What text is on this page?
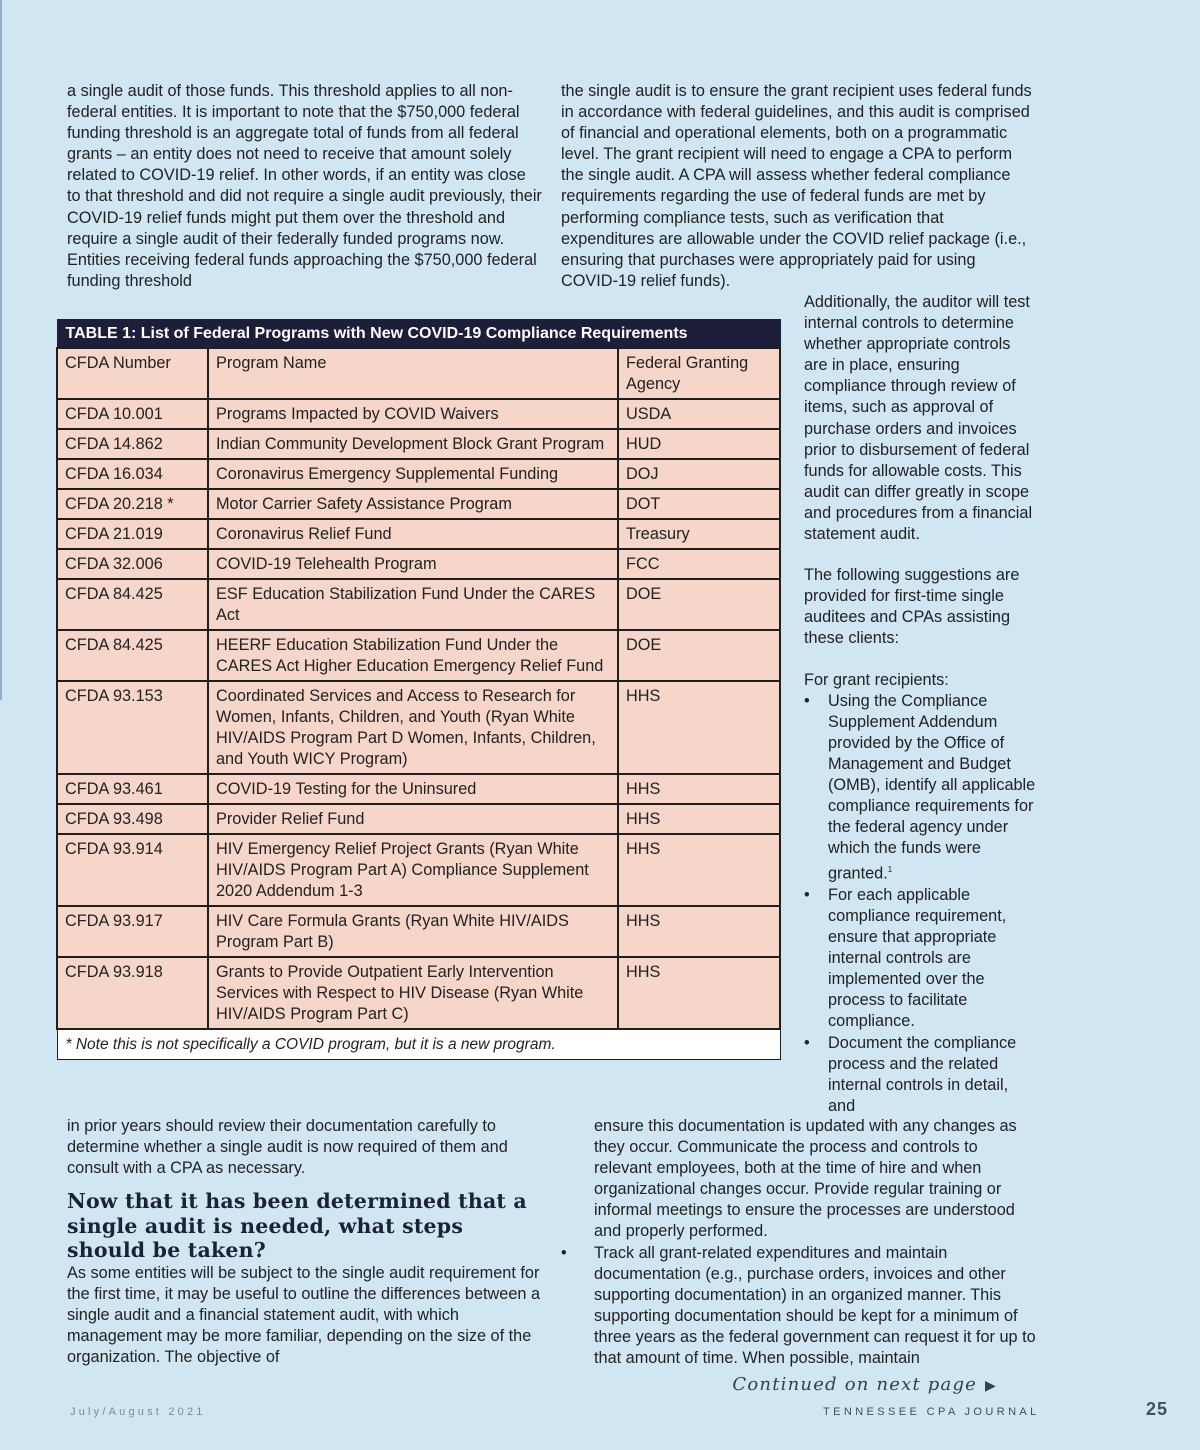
a single audit of those funds. This threshold applies to all non-federal entities. It is important to note that the $750,000 federal funding threshold is an aggregate total of funds from all federal grants – an entity does not need to receive that amount solely related to COVID-19 relief. In other words, if an entity was close to that threshold and did not require a single audit previously, their COVID-19 relief funds might put them over the threshold and require a single audit of their federally funded programs now. Entities receiving federal funds approaching the $750,000 federal funding threshold

the single audit is to ensure the grant recipient uses federal funds in accordance with federal guidelines, and this audit is comprised of financial and operational elements, both on a programmatic level. The grant recipient will need to engage a CPA to perform the single audit. A CPA will assess whether federal compliance requirements regarding the use of federal funds are met by performing compliance tests, such as verification that expenditures are allowable under the COVID relief package (i.e., ensuring that purchases were appropriately paid for using COVID-19 relief funds).

Additionally, the auditor will test internal controls to determine whether appropriate controls are in place, ensuring compliance through review of items, such as approval of purchase orders and invoices prior to disbursement of federal funds for allowable costs. This audit can differ greatly in scope and procedures from a financial statement audit.

The following suggestions are provided for first-time single auditees and CPAs assisting these clients:

For grant recipients:

• Using the Compliance Supplement Addendum provided by the Office of Management and Budget (OMB), identify all applicable compliance requirements for the federal agency under which the funds were granted.$^1$

• For each applicable compliance requirement, ensure that appropriate internal controls are implemented over the process to facilitate compliance.

• Document the compliance process and the related internal controls in detail, and

TABLE 1: List of Federal Programs with New COVID-19 Compliance Requirements		
CFDA Number	Program Name	Federal Granting Agency
CFDA 10.001	Programs Impacted by COVID Waivers	USDA
CFDA 14.862	Indian Community Development Block Grant Program	HUD
CFDA 16.034	Coronavirus Emergency Supplemental Funding	DOJ
CFDA 20.218 *	Motor Carrier Safety Assistance Program	DOT
CFDA 21.019	Coronavirus Relief Fund	Treasury
CFDA 32.006	COVID-19 Telehealth Program	FCC
CFDA 84.425	ESF Education Stabilization Fund Under the CARES Act	DOE
CFDA 84.425	HEERF Education Stabilization Fund Under the CARES Act Higher Education Emergency Relief Fund	DOE
CFDA 93.153	Coordinated Services and Access to Research for Women, Infants, Children, and Youth (Ryan White HIV/AIDS Program Part D Women, Infants, Children, and Youth WICY Program)	HHS
CFDA 93.461	COVID-19 Testing for the Uninsured	HHS
CFDA 93.498	Provider Relief Fund	HHS
CFDA 93.914	HIV Emergency Relief Project Grants (Ryan White HIV/AIDS Program Part A) Compliance Supplement 2020 Addendum 1-3	HHS
CFDA 93.917	HIV Care Formula Grants (Ryan White HIV/AIDS Program Part B)	HHS
CFDA 93.918	Grants to Provide Outpatient Early Intervention Services with Respect to HIV Disease (Ryan White HIV/AIDS Program Part C)	HHS
* Note this is not specifically a COVID program, but it is a new program.		

in prior years should review their documentation carefully to determine whether a single audit is now required of them and consult with a CPA as necessary.

Now that it has been determined that a single audit is needed, what steps should be taken?

As some entities will be subject to the single audit requirement for the first time, it may be useful to outline the differences between a single audit and a financial statement audit, with which management may be more familiar, depending on the size of the organization. The objective of

ensure this documentation is updated with any changes as they occur. Communicate the process and controls to relevant employees, both at the time of hire and when organizational changes occur. Provide regular training or informal meetings to ensure the processes are understood and properly performed.

• Track all grant-related expenditures and maintain documentation (e.g., purchase orders, invoices and other supporting documentation) in an organized manner. This supporting documentation should be kept for a minimum of three years as the federal government can request it for up to that amount of time. When possible, maintain

Continued on next page ▶
July/August 2021	TENNESSEE CPA JOURNAL	25
